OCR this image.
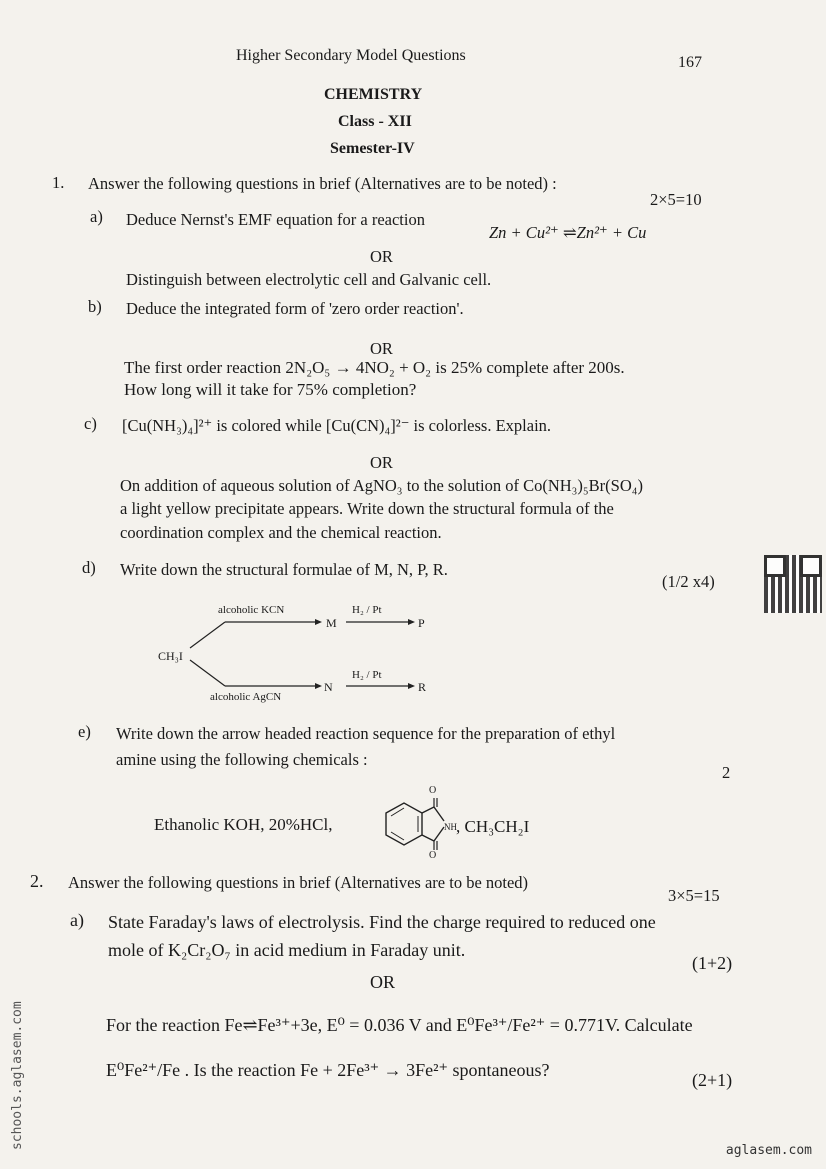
Higher Secondary Model Questions	167
CHEMISTRY
Class - XII
Semester-IV
1. Answer the following questions in brief (Alternatives are to be noted) :
2×5=10
a) Deduce Nernst's EMF equation for a reaction
Zn + Cu²⁺ ⇌Zn²⁺ + Cu
OR
Distinguish between electrolytic cell and Galvanic cell.
b) Deduce the integrated form of 'zero order reaction'.
OR
The first order reaction 2N₂O₅ → 4NO₂ + O₂ is 25% complete after 200s.
How long will it take for 75% completion?
c) [Cu(NH₃)₄]²⁺ is colored while [Cu(CN)₄]²⁻ is colorless. Explain.
OR
On addition of aqueous solution of AgNO₃ to the solution of Co(NH₃)₅Br(SO₄)
a light yellow precipitate appears. Write down the structural formula of the
coordination complex and the chemical reaction.
d) Write down the structural formulae of M, N, P, R.
(1/2 x4)
alcoholic KCN	H₂ / Pt
M	P
CH₃I
H₂ / Pt
N	R
alcoholic AgCN
e) Write down the arrow headed reaction sequence for the preparation of ethyl
amine using the following chemicals :
2
Ethanolic KOH, 20%HCl,
O
O
NH , CH₃CH₂I
2. Answer the following questions in brief (Alternatives are to be noted)
3×5=15
a) State Faraday's laws of electrolysis. Find the charge required to reduced one
mole of K₂Cr₂O₇ in acid medium in Faraday unit.
(1+2)
OR
For the reaction Fe⇌Fe³⁺+3e, E⁰ = 0.036 V and E⁰Fe³⁺/Fe²⁺ = 0.771V. Calculate
E⁰Fe²⁺/Fe . Is the reaction Fe + 2Fe³⁺ → 3Fe²⁺ spontaneous?	(2+1)
schools.aglasem.com
aglasem.com
